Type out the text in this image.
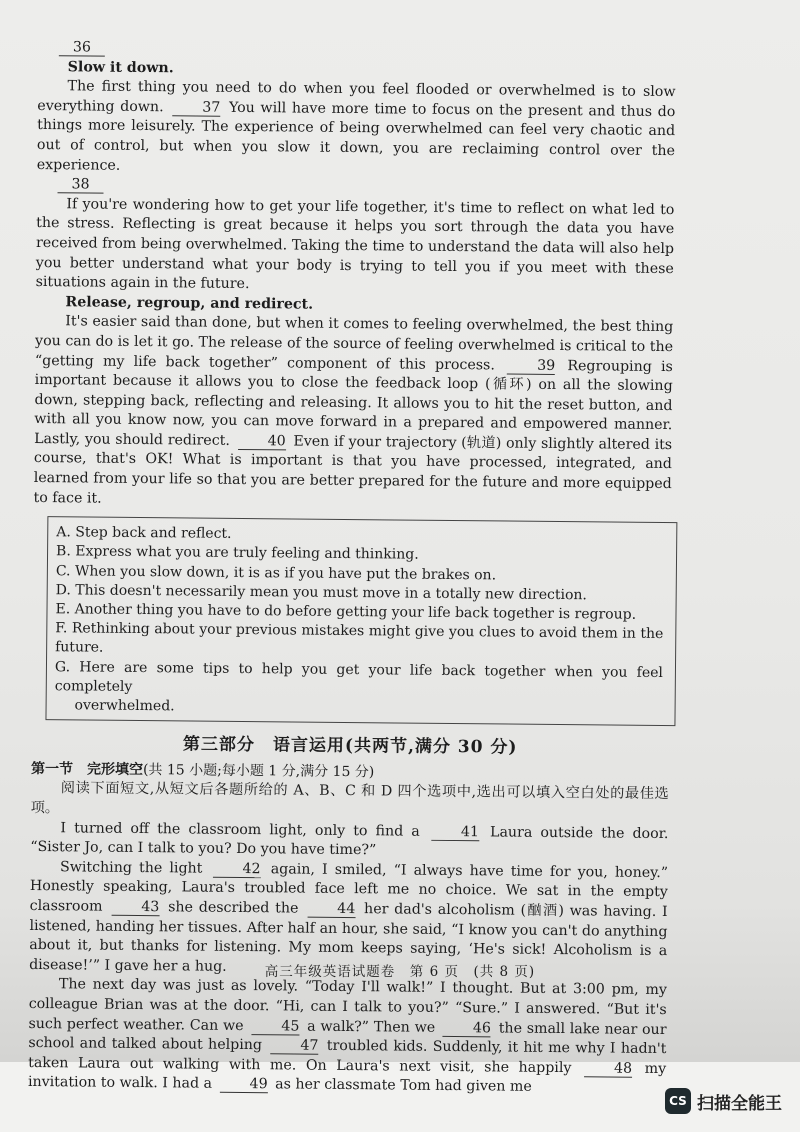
36

Slow it down.

The first thing you need to do when you feel flooded or overwhelmed is to slow everything down.	37 You will have more time to focus on the present and thus do things more leisurely. The experience of being overwhelmed can feel very chaotic and out of control, but when you slow it down, you are reclaiming control over the experience.

38

If you're wondering how to get your life together, it's time to reflect on what led to the stress. Reflecting is great because it helps you sort through the data you have received from being overwhelmed. Taking the time to understand the data will also help you better understand what your body is trying to tell you if you meet with these situations again in the future.

Release, regroup, and redirect.

It's easier said than done, but when it comes to feeling overwhelmed, the best thing you can do is let it go. The release of the source of feeling overwhelmed is critical to the “getting my life back together” component of this process.	39 Regrouping is important because it allows you to close the feedback loop (循环) on all the slowing down, stepping back, reflecting and releasing. It allows you to hit the reset button, and with all you know now, you can move forward in a prepared and empowered manner. Lastly, you should redirect.	40 Even if your trajectory (轨道) only slightly altered its course, that's OK! What is important is that you have processed, integrated, and learned from your life so that you are better prepared for the future and more equipped to face it.

A. Step back and reflect.
B. Express what you are truly feeling and thinking.
C. When you slow down, it is as if you have put the brakes on.
D. This doesn't necessarily mean you must move in a totally new direction.
E. Another thing you have to do before getting your life back together is regroup.
F. Rethinking about your previous mistakes might give you clues to avoid them in the future.
G. Here are some tips to help you get your life back together when you feel completely
overwhelmed.
第三部分　语言运用(共两节,满分 30 分)

第一节　完形填空(共 15 小题;每小题 1 分,满分 15 分)

阅读下面短文,从短文后各题所给的 A、B、C 和 D 四个选项中,选出可以填入空白处的最佳选项。

I turned off the classroom light, only to find a	41 Laura outside the door. “Sister Jo, can I talk to you? Do you have time?”

Switching the light	42 again, I smiled, “I always have time for you, honey.” Honestly speaking, Laura's troubled face left me no choice. We sat in the empty classroom	43 she described the	44 her dad's alcoholism (酗酒) was having. I listened, handing her tissues. After half an hour, she said, “I know you can't do anything about it, but thanks for listening. My mom keeps saying, ‘He's sick! Alcoholism is a disease!’” I gave her a hug.

The next day was just as lovely. “Today I'll walk!” I thought. But at 3:00 pm, my colleague Brian was at the door. “Hi, can I talk to you?” “Sure.” I answered. “But it's such perfect weather. Can we	45 a walk?” Then we	46 the small lake near our school and talked about helping	47 troubled kids. Suddenly, it hit me why I hadn't taken Laura out walking with me. On Laura's next visit, she happily	48 my invitation to walk. I had a	49 as her classmate Tom had given me

高三年级英语试题卷　第 6 页　(共 8 页)
CS 扫描全能王
